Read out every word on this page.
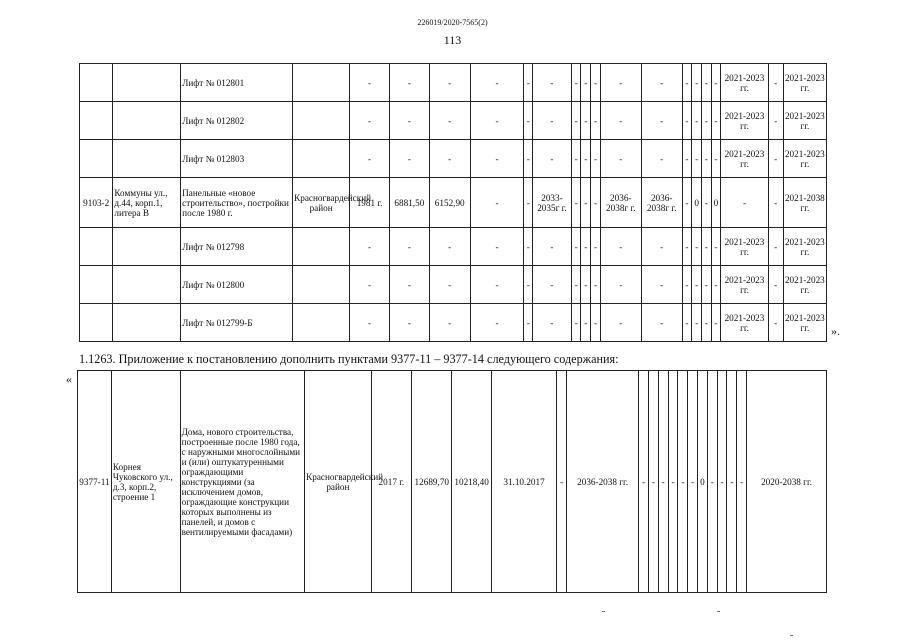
226019/2020-7565(2)
113
		Лифт № 012801		-	-	-	-	-	-	-	-	-	-	-	-	-	-	-	2021-2023 гг.	-	2021-2023 гг.
		Лифт № 012802		-	-	-	-	-	-	-	-	-	-	-	-	-	-	-	2021-2023 гг.	-	2021-2023 гг.
		Лифт № 012803		-	-	-	-	-	-	-	-	-	-	-	-	-	-	-	2021-2023 гг.	-	2021-2023 гг.
9103-2	Коммуны ул., д.44, корп.1, литера В	Панельные «новое строительство», постройки после 1980 г.	Красногвардейский район	1981 г.	6881,50	6152,90	-	-	2033-2035г г.	-	-	-	2036-2038г г.	2036-2038г г.	-	0	-	0	-	-	2021-2038 гг.
		Лифт № 012798		-	-	-	-	-	-	-	-	-	-	-	-	-	-	-	2021-2023 гг.	-	2021-2023 гг.
		Лифт № 012800		-	-	-	-	-	-	-	-	-	-	-	-	-	-	-	2021-2023 гг.	-	2021-2023 гг.
		Лифт № 012799-Б		-	-	-	-	-	-	-	-	-	-	-	-	-	-	-	2021-2023 гг.	-	2021-2023 гг. ».
1.1263. Приложение к постановлению дополнить пунктами 9377-11 – 9377-14 следующего содержания:
«
9377-11	Корнея Чуковского ул., д.3, корп.2, строение 1	Дома, нового строительства, построенные после 1980 года, с наружными многослойными и (или) оштукатуренными ограждающими конструкциями (за исключением домов, ограждающие конструкции которых выполнены из панелей, и домов с вентилируемыми фасадами)	Красногвардейский район	2017 г.	12689,70	10218,40	31.10.2017	-	2036-2038 гг.	-	-	-	-	-	-	0	-	-	-	-	2020-2038 гг.
